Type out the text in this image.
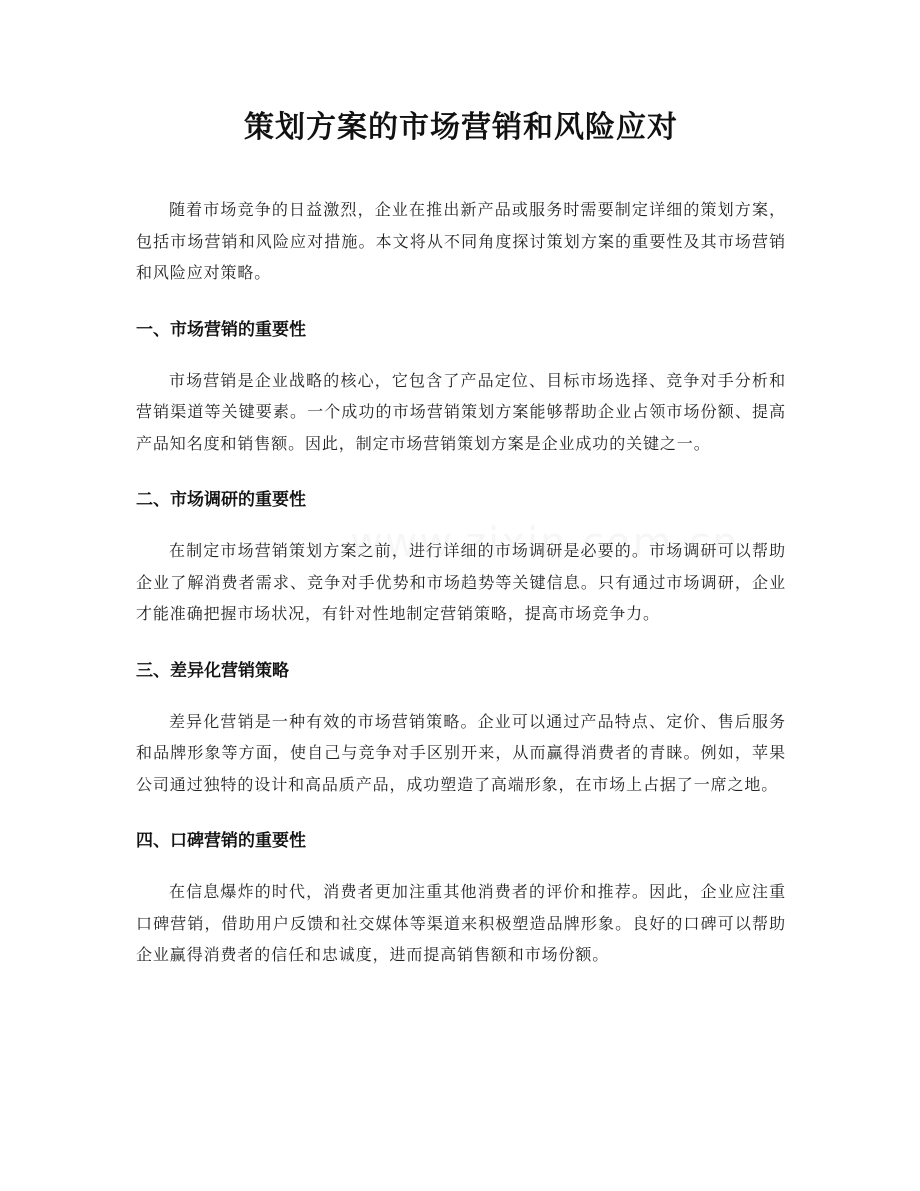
策划方案的市场营销和风险应对

随着市场竞争的日益激烈，企业在推出新产品或服务时需要制定详细的策划方案，包括市场营销和风险应对措施。本文将从不同角度探讨策划方案的重要性及其市场营销和风险应对策略。

一、市场营销的重要性

市场营销是企业战略的核心，它包含了产品定位、目标市场选择、竞争对手分析和营销渠道等关键要素。一个成功的市场营销策划方案能够帮助企业占领市场份额、提高产品知名度和销售额。因此，制定市场营销策划方案是企业成功的关键之一。

二、市场调研的重要性

在制定市场营销策划方案之前，进行详细的市场调研是必要的。市场调研可以帮助企业了解消费者需求、竞争对手优势和市场趋势等关键信息。只有通过市场调研，企业才能准确把握市场状况，有针对性地制定营销策略，提高市场竞争力。

三、差异化营销策略

差异化营销是一种有效的市场营销策略。企业可以通过产品特点、定价、售后服务和品牌形象等方面，使自己与竞争对手区别开来，从而赢得消费者的青睐。例如，苹果公司通过独特的设计和高品质产品，成功塑造了高端形象，在市场上占据了一席之地。

四、口碑营销的重要性

在信息爆炸的时代，消费者更加注重其他消费者的评价和推荐。因此，企业应注重口碑营销，借助用户反馈和社交媒体等渠道来积极塑造品牌形象。良好的口碑可以帮助企业赢得消费者的信任和忠诚度，进而提高销售额和市场份额。
